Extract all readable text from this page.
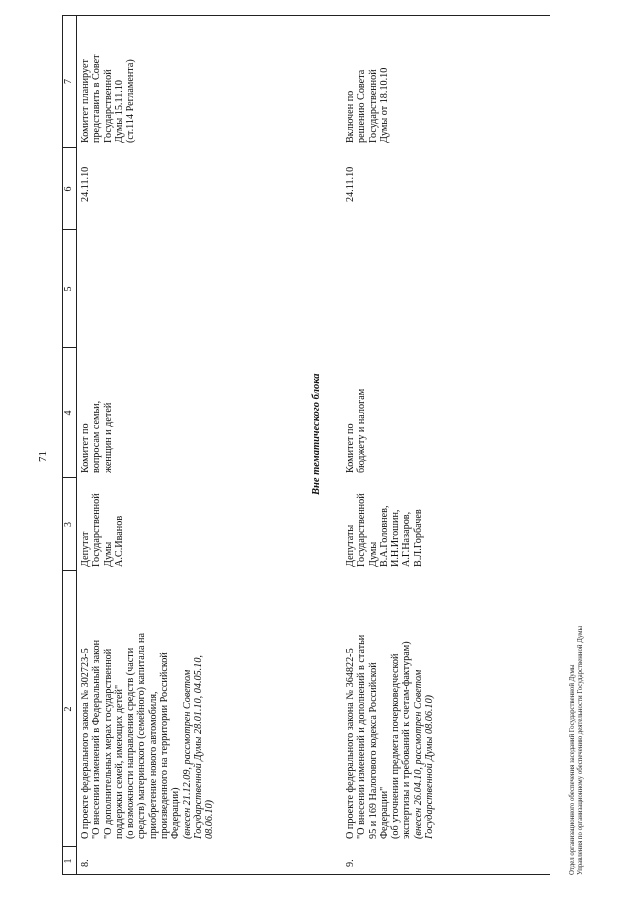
71
1
2
3
4
5
6
7
8.
О проекте федерального закона № 302723-5 "О внесении изменений в Федеральный закон "О дополнительных мерах государственной поддержки семей, имеющих детей" (о возможности направления средств (части средств) материнского (семейного) капитала на приобретение нового автомобиля, произведенного на территории Российской Федерации) (внесен 21.12.09, рассмотрен Советом Государственной Думы 28.01.10, 04.05.10, 08.06.10)
Депутат Государственной Думы А.С.Иванов
Комитет по вопросам семьи, женщин и детей
24.11.10
Комитет планирует представить в Совет Государственной Думы 15.11.10 (ст.114 Регламента)
Вне тематического блока
9.
О проекте федерального закона № 364822-5 "О внесении изменений и дополнений в статьи 95 и 169 Налогового кодекса Российской Федерации" (об уточнении предмета почерковедческой экспертизы и требований к счетам-фактурам) (внесен 26.04.10, рассмотрен Советом Государственной Думы 08.06.10)
Депутаты Государственной Думы В.А.Головнев, И.Н.Игошин, А.Г.Назаров, В.Л.Горбачев
Комитет по бюджету и налогам
24.11.10
Включен по решению Совета Государственной Думы от 18.10.10
Отдел организационного обеспечения заседаний Государственной Думы Управления по организационному обеспечению деятельности Государственной Думы
